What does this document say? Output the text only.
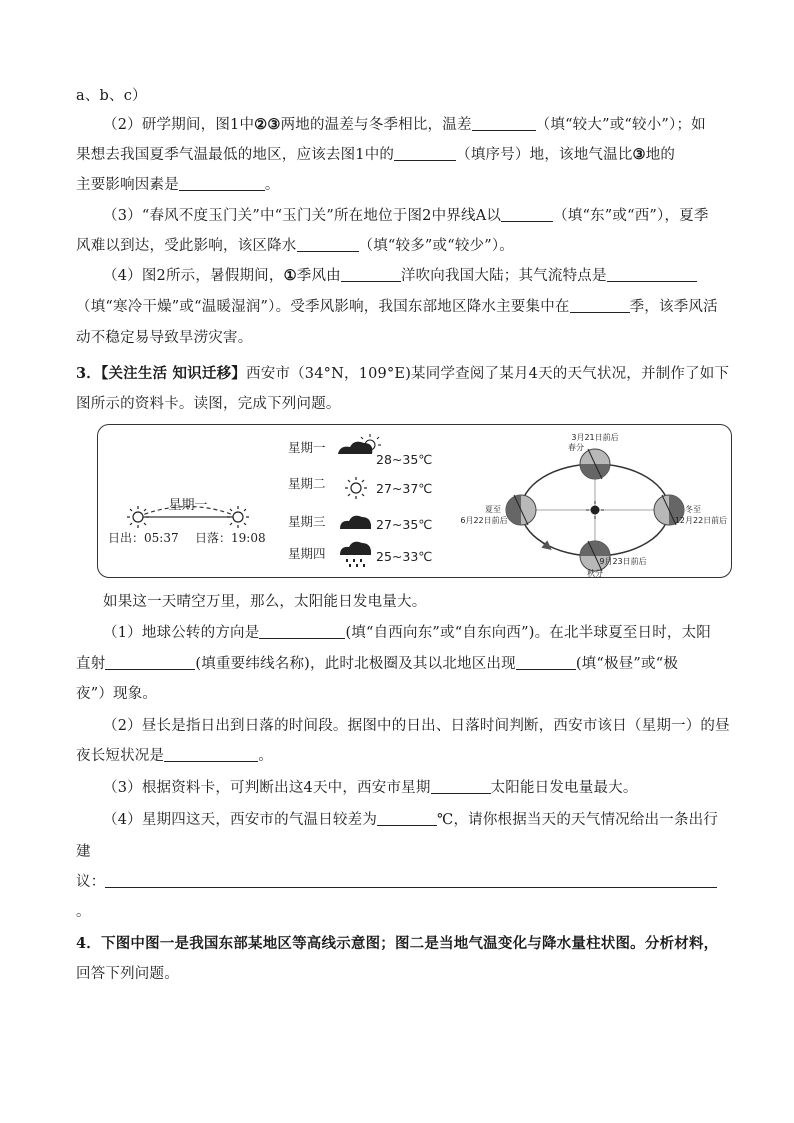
a、b、c）
（2）研学期间，图1中②③两地的温差与冬季相比，温差	（填“较大”或“较小”）；如
果想去我国夏季气温最低的地区，应该去图1中的	（填序号）地，该地气温比③地的
主要影响因素是	。
（3）“春风不度玉门关”中“玉门关”所在地位于图2中界线A以	（填“东”或“西”），夏季
风难以到达，受此影响，该区降水	（填“较多”或“较少”）。
（4）图2所示，暑假期间，①季风由	洋吹向我国大陆；其气流特点是
（填“寒冷干燥”或“温暖湿润”）。受季风影响，我国东部地区降水主要集中在	季，该季风活
动不稳定易导致旱涝灾害。
3．【关注生活 知识迁移】西安市（34°N，109°E)某同学查阅了某月4天的天气状况，并制作了如下
图所示的资料卡。读图，完成下列问题。
星期一
日出：05:37 日落：19:08
星期一
28~35℃
星期二	27~37℃
星期三	27~35℃
星期四	25~33℃
3月21日前后
春分
夏至
6月22日前后
冬至
12月22日前后
9月23日前后
秋分
如果这一天晴空万里，那么，太阳能日发电量大。
（1）地球公转的方向是	(填“自西向东”或“自东向西”)。在北半球夏至日时，太阳
直射	(填重要纬线名称)，此时北极圈及其以北地区出现	(填“极昼”或“极
夜”）现象。
（2）昼长是指日出到日落的时间段。据图中的日出、日落时间判断，西安市该日（星期一）的昼
夜长短状况是	。
（3）根据资料卡，可判断出这4天中，西安市星期	太阳能日发电量最大。
（4）星期四这天，西安市的气温日较差为	℃，请你根据当天的天气情况给出一条出行
建
议：
。
4．下图中图一是我国东部某地区等高线示意图；图二是当地气温变化与降水量柱状图。分析材料，
回答下列问题。
